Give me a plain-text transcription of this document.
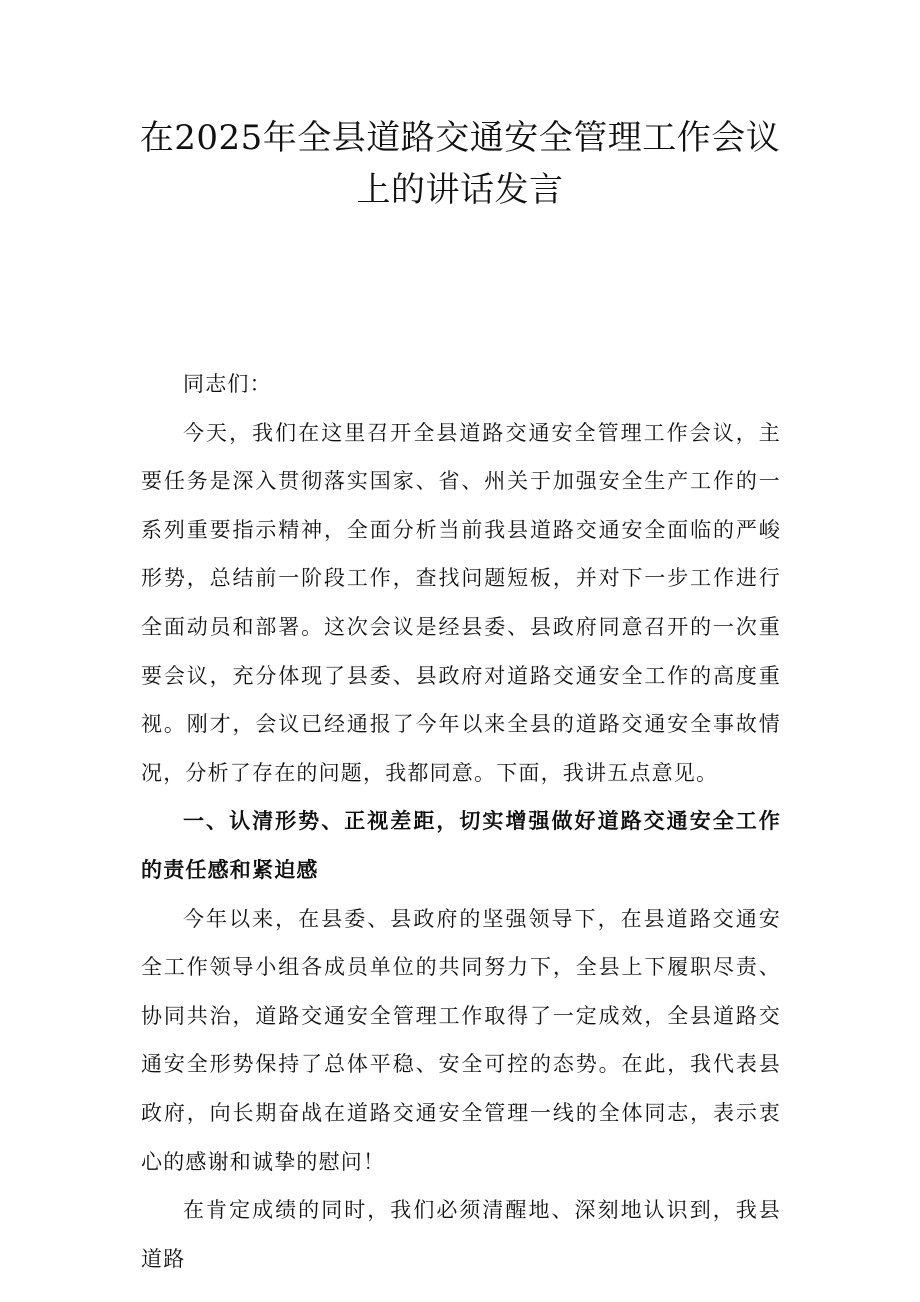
在2025年全县道路交通安全管理工作会议
上的讲话发言

同志们：

今天，我们在这里召开全县道路交通安全管理工作会议，主要任务是深入贯彻落实国家、省、州关于加强安全生产工作的一系列重要指示精神，全面分析当前我县道路交通安全面临的严峻形势，总结前一阶段工作，查找问题短板，并对下一步工作进行全面动员和部署。这次会议是经县委、县政府同意召开的一次重要会议，充分体现了县委、县政府对道路交通安全工作的高度重视。刚才，会议已经通报了今年以来全县的道路交通安全事故情况，分析了存在的问题，我都同意。下面，我讲五点意见。

一、认清形势、正视差距，切实增强做好道路交通安全工作的责任感和紧迫感

今年以来，在县委、县政府的坚强领导下，在县道路交通安全工作领导小组各成员单位的共同努力下，全县上下履职尽责、协同共治，道路交通安全管理工作取得了一定成效，全县道路交通安全形势保持了总体平稳、安全可控的态势。在此，我代表县政府，向长期奋战在道路交通安全管理一线的全体同志，表示衷心的感谢和诚挚的慰问！

在肯定成绩的同时，我们必须清醒地、深刻地认识到，我县道路
